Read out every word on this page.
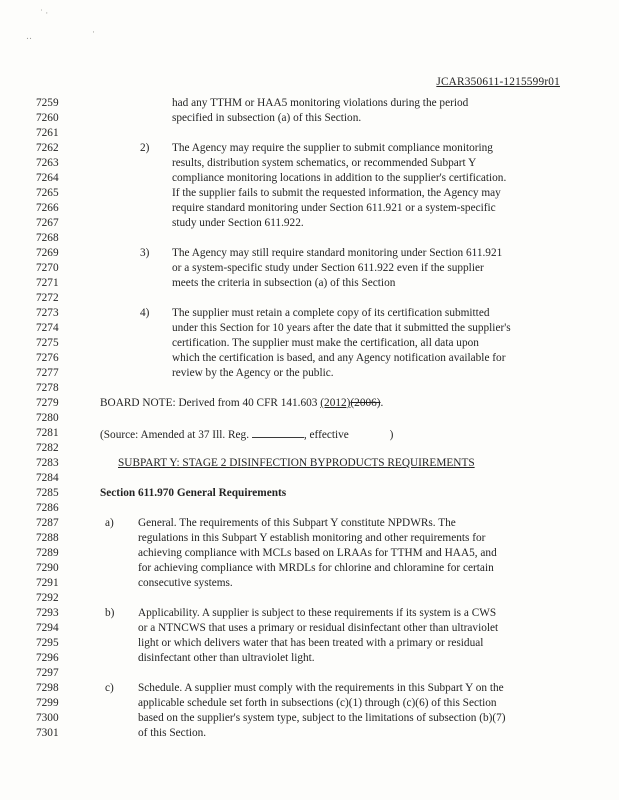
˙ ·
·
‥
JCAR350611-1215599r01
7259	had any TTHM or HAA5 monitoring violations during the period
7260	specified in subsection (a) of this Section.
7261
7262	2) The Agency may require the supplier to submit compliance monitoring
7263	results, distribution system schematics, or recommended Subpart Y
7264	compliance monitoring locations in addition to the supplier's certification.
7265	If the supplier fails to submit the requested information, the Agency may
7266	require standard monitoring under Section 611.921 or a system-specific
7267	study under Section 611.922.
7268
7269	3) The Agency may still require standard monitoring under Section 611.921
7270	or a system-specific study under Section 611.922 even if the supplier
7271	meets the criteria in subsection (a) of this Section
7272
7273	4) The supplier must retain a complete copy of its certification submitted
7274	under this Section for 10 years after the date that it submitted the supplier's
7275	certification. The supplier must make the certification, all data upon
7276	which the certification is based, and any Agency notification available for
7277	review by the Agency or the public.
7278
7279	BOARD NOTE: Derived from 40 CFR 141.603 (2012)(2006).
7280
7281	(Source: Amended at 37 Ill. Reg.	, effective	)
7282
7283	SUBPART Y: STAGE 2 DISINFECTION BYPRODUCTS REQUIREMENTS
7284
7285	Section 611.970 General Requirements
7286
7287	a) General. The requirements of this Subpart Y constitute NPDWRs. The
7288	regulations in this Subpart Y establish monitoring and other requirements for
7289	achieving compliance with MCLs based on LRAAs for TTHM and HAA5, and
7290	for achieving compliance with MRDLs for chlorine and chloramine for certain
7291	consecutive systems.
7292
7293	b) Applicability. A supplier is subject to these requirements if its system is a CWS
7294	or a NTNCWS that uses a primary or residual disinfectant other than ultraviolet
7295	light or which delivers water that has been treated with a primary or residual
7296	disinfectant other than ultraviolet light.
7297
7298	c) Schedule. A supplier must comply with the requirements in this Subpart Y on the
7299	applicable schedule set forth in subsections (c)(1) through (c)(6) of this Section
7300	based on the supplier's system type, subject to the limitations of subsection (b)(7)
7301	of this Section.
